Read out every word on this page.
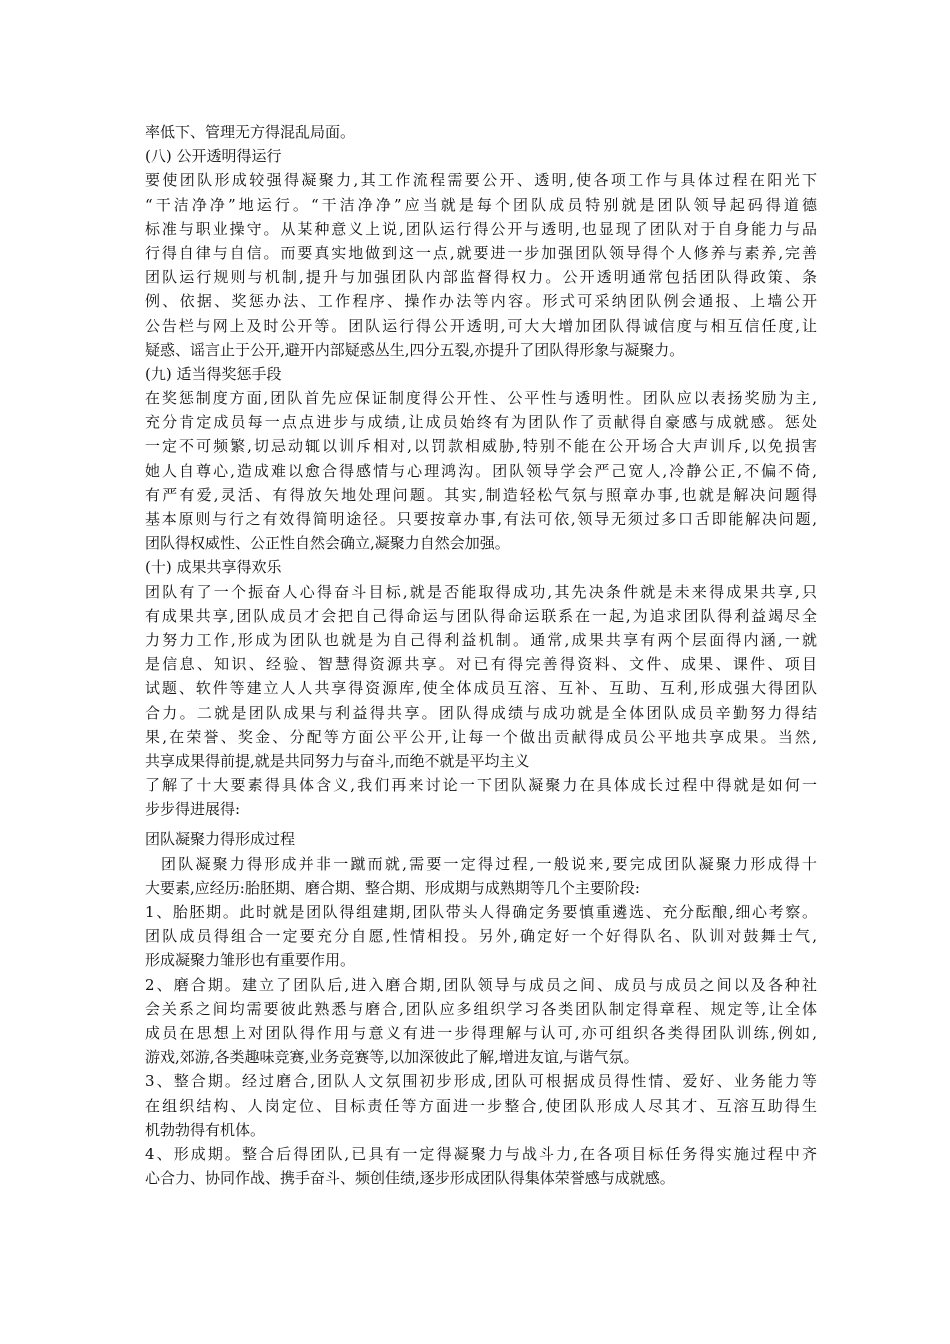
率低下、管理无方得混乱局面。
(八) 公开透明得运行
要使团队形成较强得凝聚力,其工作流程需要公开、透明,使各项工作与具体过程在阳光下
“干洁净净”地运行。“干洁净净”应当就是每个团队成员特别就是团队领导起码得道德
标准与职业操守。从某种意义上说,团队运行得公开与透明,也显现了团队对于自身能力与品
行得自律与自信。而要真实地做到这一点,就要进一步加强团队领导得个人修养与素养,完善
团队运行规则与机制,提升与加强团队内部监督得权力。公开透明通常包括团队得政策、条
例、依据、奖惩办法、工作程序、操作办法等内容。形式可采纳团队例会通报、上墙公开
公告栏与网上及时公开等。团队运行得公开透明,可大大增加团队得诚信度与相互信任度,让
疑惑、谣言止于公开,避开内部疑惑丛生,四分五裂,亦提升了团队得形象与凝聚力。
(九) 适当得奖惩手段
在奖惩制度方面,团队首先应保证制度得公开性、公平性与透明性。团队应以表扬奖励为主,
充分肯定成员每一点点进步与成绩,让成员始终有为团队作了贡献得自豪感与成就感。惩处
一定不可频繁,切忌动辄以训斥相对,以罚款相威胁,特别不能在公开场合大声训斥,以免损害
她人自尊心,造成难以愈合得感情与心理鸿沟。团队领导学会严己宽人,冷静公正,不偏不倚,
有严有爱,灵活、有得放矢地处理问题。其实,制造轻松气氛与照章办事,也就是解决问题得
基本原则与行之有效得简明途径。只要按章办事,有法可依,领导无须过多口舌即能解决问题,
团队得权威性、公正性自然会确立,凝聚力自然会加强。
(十) 成果共享得欢乐
团队有了一个振奋人心得奋斗目标,就是否能取得成功,其先决条件就是未来得成果共享,只
有成果共享,团队成员才会把自己得命运与团队得命运联系在一起,为追求团队得利益竭尽全
力努力工作,形成为团队也就是为自己得利益机制。通常,成果共享有两个层面得内涵,一就
是信息、知识、经验、智慧得资源共享。对已有得完善得资料、文件、成果、课件、项目
试题、软件等建立人人共享得资源库,使全体成员互溶、互补、互助、互利,形成强大得团队
合力。二就是团队成果与利益得共享。团队得成绩与成功就是全体团队成员辛勤努力得结
果,在荣誉、奖金、分配等方面公平公开,让每一个做出贡献得成员公平地共享成果。当然,
共享成果得前提,就是共同努力与奋斗,而绝不就是平均主义
了解了十大要素得具体含义,我们再来讨论一下团队凝聚力在具体成长过程中得就是如何一
步步得进展得:
团队凝聚力得形成过程
团队凝聚力得形成并非一蹴而就,需要一定得过程,一般说来,要完成团队凝聚力形成得十
大要素,应经历:胎胚期、磨合期、整合期、形成期与成熟期等几个主要阶段:
1、胎胚期。此时就是团队得组建期,团队带头人得确定务要慎重遴选、充分酝酿,细心考察。
团队成员得组合一定要充分自愿,性情相投。另外,确定好一个好得队名、队训对鼓舞士气,
形成凝聚力雏形也有重要作用。
2、磨合期。建立了团队后,进入磨合期,团队领导与成员之间、成员与成员之间以及各种社
会关系之间均需要彼此熟悉与磨合,团队应多组织学习各类团队制定得章程、规定等,让全体
成员在思想上对团队得作用与意义有进一步得理解与认可,亦可组织各类得团队训练,例如,
游戏,郊游,各类趣味竞赛,业务竞赛等,以加深彼此了解,增进友谊,与谐气氛。
3、整合期。经过磨合,团队人文氛围初步形成,团队可根据成员得性情、爱好、业务能力等
在组织结构、人岗定位、目标责任等方面进一步整合,使团队形成人尽其才、互溶互助得生
机勃勃得有机体。
4、形成期。整合后得团队,已具有一定得凝聚力与战斗力,在各项目标任务得实施过程中齐
心合力、协同作战、携手奋斗、频创佳绩,逐步形成团队得集体荣誉感与成就感。
